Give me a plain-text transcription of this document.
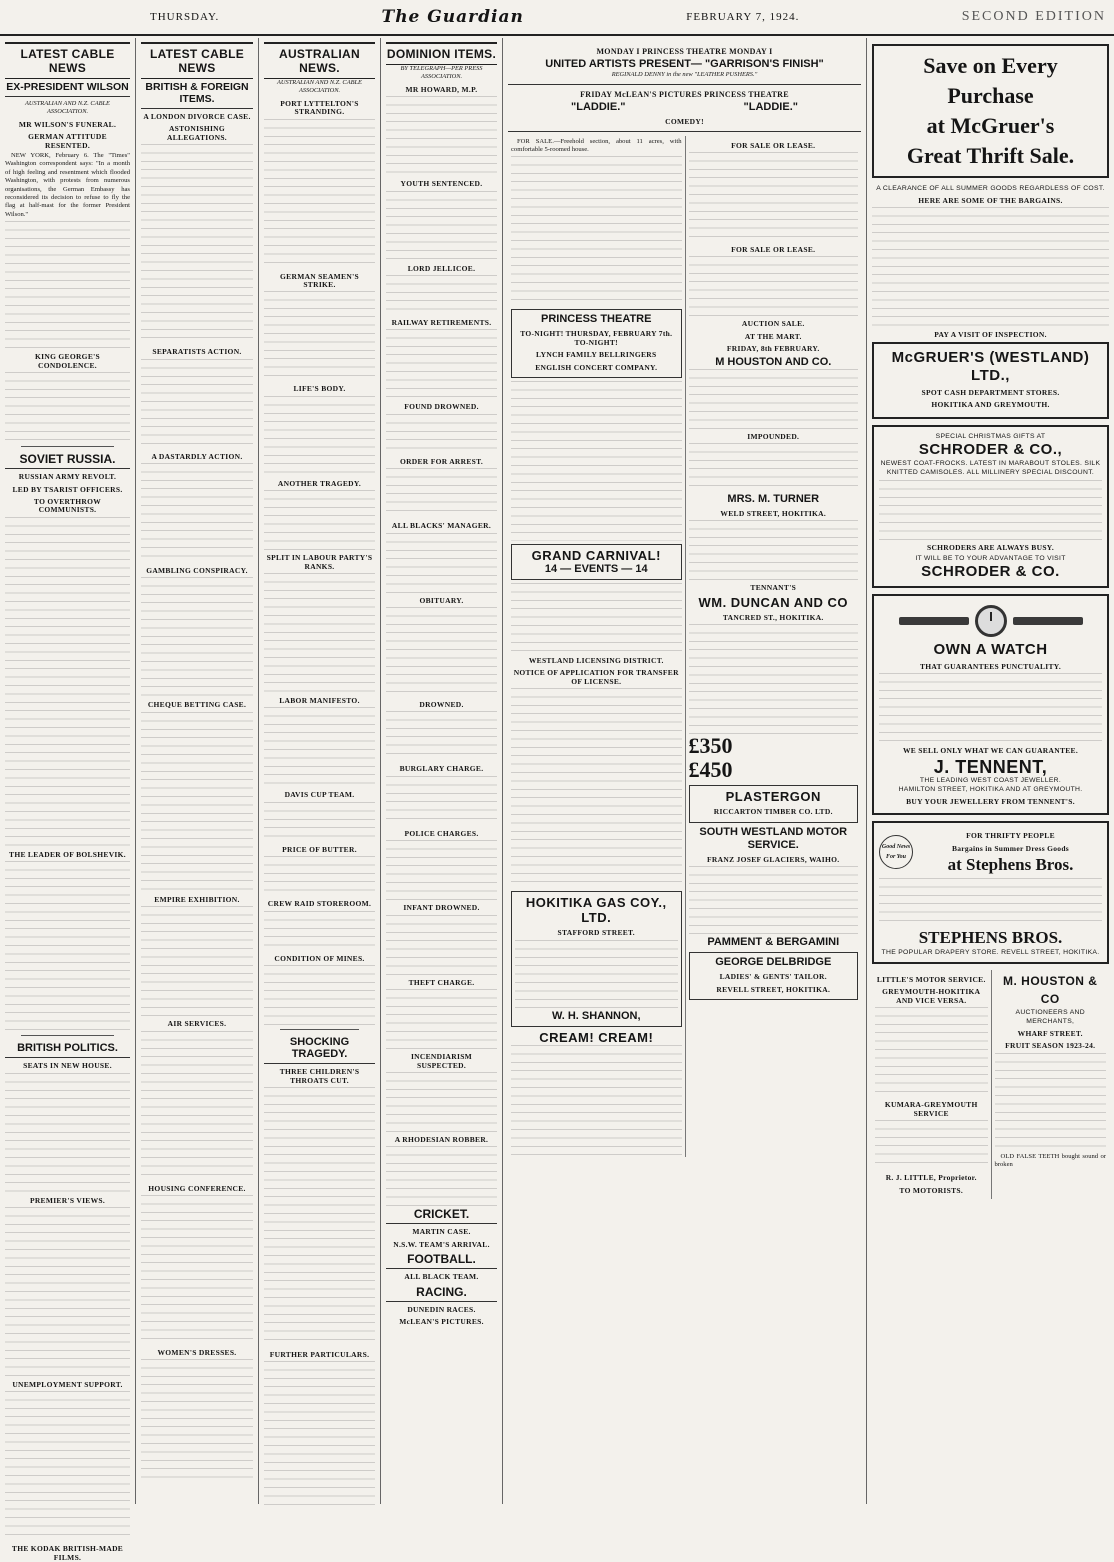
THURSDAY.	The Guardian	FEBRUARY 7, 1924.	SECOND EDITION
LATEST CABLE NEWS
EX-PRESIDENT WILSON
AUSTRALIAN AND N.Z. CABLE ASSOCIATION.
MR WILSON'S FUNERAL.
GERMAN ATTITUDE RESENTED.

NEW YORK, February 6. The "Times" Washington correspondent says: "In a month of high feeling and resentment which flooded Washington, with protests from numerous organisations, the German Embassy has reconsidered its decision to refuse to fly the flag at half-mast for the former President Wilson."

KING GEORGE'S CONDOLENCE.
SOVIET RUSSIA.
RUSSIAN ARMY REVOLT.
LED BY TSARIST OFFICERS.
TO OVERTHROW COMMUNISTS.
THE LEADER OF BOLSHEVIK.
BRITISH POLITICS.
SEATS IN NEW HOUSE.
PREMIER'S VIEWS.
UNEMPLOYMENT SUPPORT.
THE KODAK BRITISH-MADE FILMS.
LATEST CABLE NEWS
BRITISH & FOREIGN ITEMS.
A LONDON DIVORCE CASE.
ASTONISHING ALLEGATIONS.
SEPARATISTS ACTION.
A DASTARDLY ACTION.
GAMBLING CONSPIRACY.
CHEQUE BETTING CASE.
EMPIRE EXHIBITION.
AIR SERVICES.
HOUSING CONFERENCE.
WOMEN'S DRESSES.
AUSTRALIAN NEWS.
AUSTRALIAN AND N.Z. CABLE ASSOCIATION.
PORT LYTTELTON'S STRANDING.
GERMAN SEAMEN'S STRIKE.
LIFE'S BODY.
ANOTHER TRAGEDY.
SPLIT IN LABOUR PARTY'S RANKS.
LABOR MANIFESTO.
DAVIS CUP TEAM.
PRICE OF BUTTER.
CREW RAID STOREROOM.
CONDITION OF MINES.
SHOCKING TRAGEDY.
THREE CHILDREN'S THROATS CUT.
FURTHER PARTICULARS.
DOMINION ITEMS.
BY TELEGRAPH—PER PRESS ASSOCIATION.
MR HOWARD, M.P.
YOUTH SENTENCED.
LORD JELLICOE.
RAILWAY RETIREMENTS.
FOUND DROWNED.
ORDER FOR ARREST.
ALL BLACKS' MANAGER.
OBITUARY.
DROWNED.
BURGLARY CHARGE.
POLICE CHARGES.
INFANT DROWNED.
THEFT CHARGE.
INCENDIARISM SUSPECTED.
A RHODESIAN ROBBER.
CRICKET.
MARTIN CASE.
N.S.W. TEAM'S ARRIVAL.
FOOTBALL.
ALL BLACK TEAM.
RACING.
DUNEDIN RACES.
McLEAN'S PICTURES.
MONDAY I PRINCESS THEATRE MONDAY I
UNITED ARTISTS PRESENT— "GARRISON'S FINISH"
REGINALD DENNY in the new "LEATHER PUSHERS."
FRIDAY McLEAN'S PICTURES PRINCESS THEATRE
"LADDIE."	"LADDIE."
COMEDY!

FOR SALE.—Freehold section, about 11 acres, with comfortable 5-roomed house.

PRINCESS THEATRE
TO-NIGHT! THURSDAY, FEBRUARY 7th. TO-NIGHT!
LYNCH FAMILY BELLRINGERS
ENGLISH CONCERT COMPANY.
GRAND CARNIVAL!
14 — EVENTS — 14
WESTLAND LICENSING DISTRICT.
NOTICE OF APPLICATION FOR TRANSFER OF LICENSE.
HOKITIKA GAS COY., LTD.
STAFFORD STREET.
W. H. SHANNON,
CREAM! CREAM!
FOR SALE OR LEASE.
FOR SALE OR LEASE.
AUCTION SALE.
AT THE MART.
FRIDAY, 8th FEBRUARY.
M HOUSTON AND CO.
IMPOUNDED.
MRS. M. TURNER
WELD STREET, HOKITIKA.
TENNANT'S
WM. DUNCAN AND CO
TANCRED ST., HOKITIKA.
£350
£450
PLASTERGON
RICCARTON TIMBER CO. LTD.
SOUTH WESTLAND MOTOR SERVICE.
FRANZ JOSEF GLACIERS, WAIHO.
PAMMENT & BERGAMINI
GEORGE DELBRIDGE
LADIES' & GENTS' TAILOR.
REVELL STREET, HOKITIKA.
Save on Every Purchase
at McGruer's
Great Thrift Sale.
A CLEARANCE OF ALL SUMMER GOODS REGARDLESS OF COST.
HERE ARE SOME OF THE BARGAINS.
PAY A VISIT OF INSPECTION.
McGRUER'S (WESTLAND) LTD.,
SPOT CASH DEPARTMENT STORES.
HOKITIKA AND GREYMOUTH.
SPECIAL CHRISTMAS GIFTS AT
SCHRODER & CO.,
NEWEST COAT-FROCKS. LATEST IN MARABOUT STOLES. SILK KNITTED CAMISOLES. ALL MILLINERY SPECIAL DISCOUNT.
SCHRODERS ARE ALWAYS BUSY.
IT WILL BE TO YOUR ADVANTAGE TO VISIT
SCHRODER & CO.
OWN A WATCH
THAT GUARANTEES PUNCTUALITY.
WE SELL ONLY WHAT WE CAN GUARANTEE.
J. TENNENT,
THE LEADING WEST COAST JEWELLER.
HAMILTON STREET, HOKITIKA AND AT GREYMOUTH.
BUY YOUR JEWELLERY FROM TENNENT'S.
Good News For You
FOR THRIFTY PEOPLE
Bargains in Summer Dress Goods
at Stephens Bros.
STEPHENS BROS.
THE POPULAR DRAPERY STORE. REVELL STREET, HOKITIKA.
LITTLE'S MOTOR SERVICE.
GREYMOUTH-HOKITIKA AND VICE VERSA.
KUMARA-GREYMOUTH SERVICE
R. J. LITTLE, Proprietor.
TO MOTORISTS.
M. HOUSTON & CO
AUCTIONEERS AND MERCHANTS,
WHARF STREET.
FRUIT SEASON 1923-24.

OLD FALSE TEETH bought sound or broken
